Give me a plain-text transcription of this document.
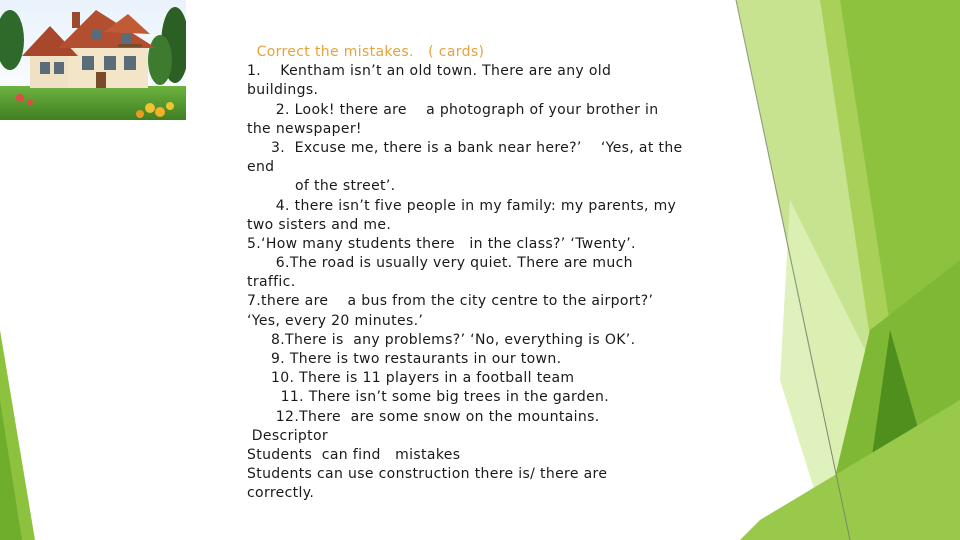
Correct the mistakes.   ( cards)
1.    Kentham isn’t an old town. There are any old
buildings.
2. Look! there are    a photograph of your brother in
the newspaper!
3.  Excuse me, there is a bank near here?’    ‘Yes, at the
end
of the street’.
4. there isn’t five people in my family: my parents, my
two sisters and me.
5.‘How many students there   in the class?’ ‘Twenty’.
6.The road is usually very quiet. There are much
traffic.
7.there are    a bus from the city centre to the airport?’
‘Yes, every 20 minutes.’
8.There is  any problems?’ ‘No, everything is OK’.
9. There is two restaurants in our town.
10. There is 11 players in a football team
11. There isn’t some big trees in the garden.
12.There  are some snow on the mountains.
Descriptor
Students  can find   mistakes
Students can use construction there is/ there are
correctly.
